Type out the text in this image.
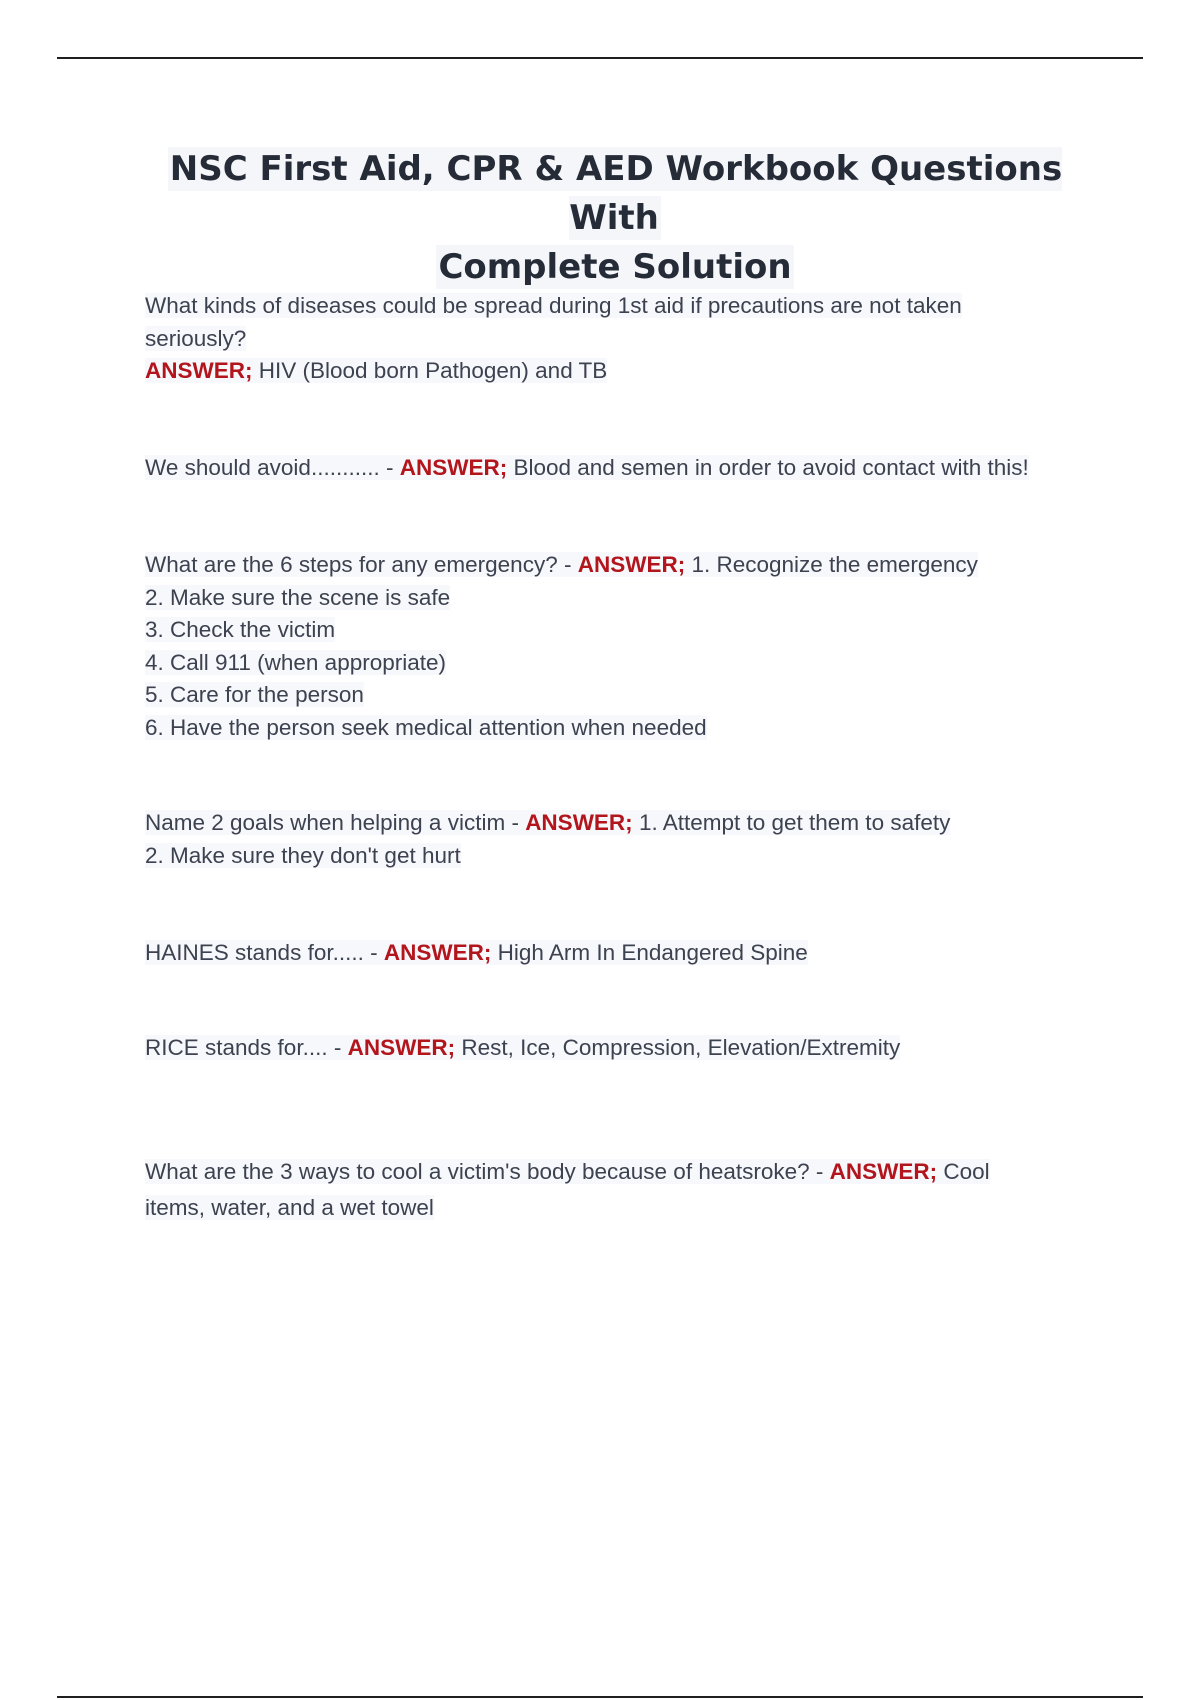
NSC First Aid, CPR & AED Workbook Questions With
Complete Solution
What kinds of diseases could be spread during 1st aid if precautions are not taken
seriously?
ANSWER; HIV (Blood born Pathogen) and TB
We should avoid........... - ANSWER; Blood and semen in order to avoid contact with this!
What are the 6 steps for any emergency? - ANSWER; 1. Recognize the emergency
2. Make sure the scene is safe
3. Check the victim
4. Call 911 (when appropriate)
5. Care for the person
6. Have the person seek medical attention when needed
Name 2 goals when helping a victim - ANSWER; 1. Attempt to get them to safety
2. Make sure they don't get hurt
HAINES stands for..... - ANSWER; High Arm In Endangered Spine
RICE stands for.... - ANSWER; Rest, Ice, Compression, Elevation/Extremity
What are the 3 ways to cool a victim's body because of heatsroke? - ANSWER; Cool
items, water, and a wet towel
